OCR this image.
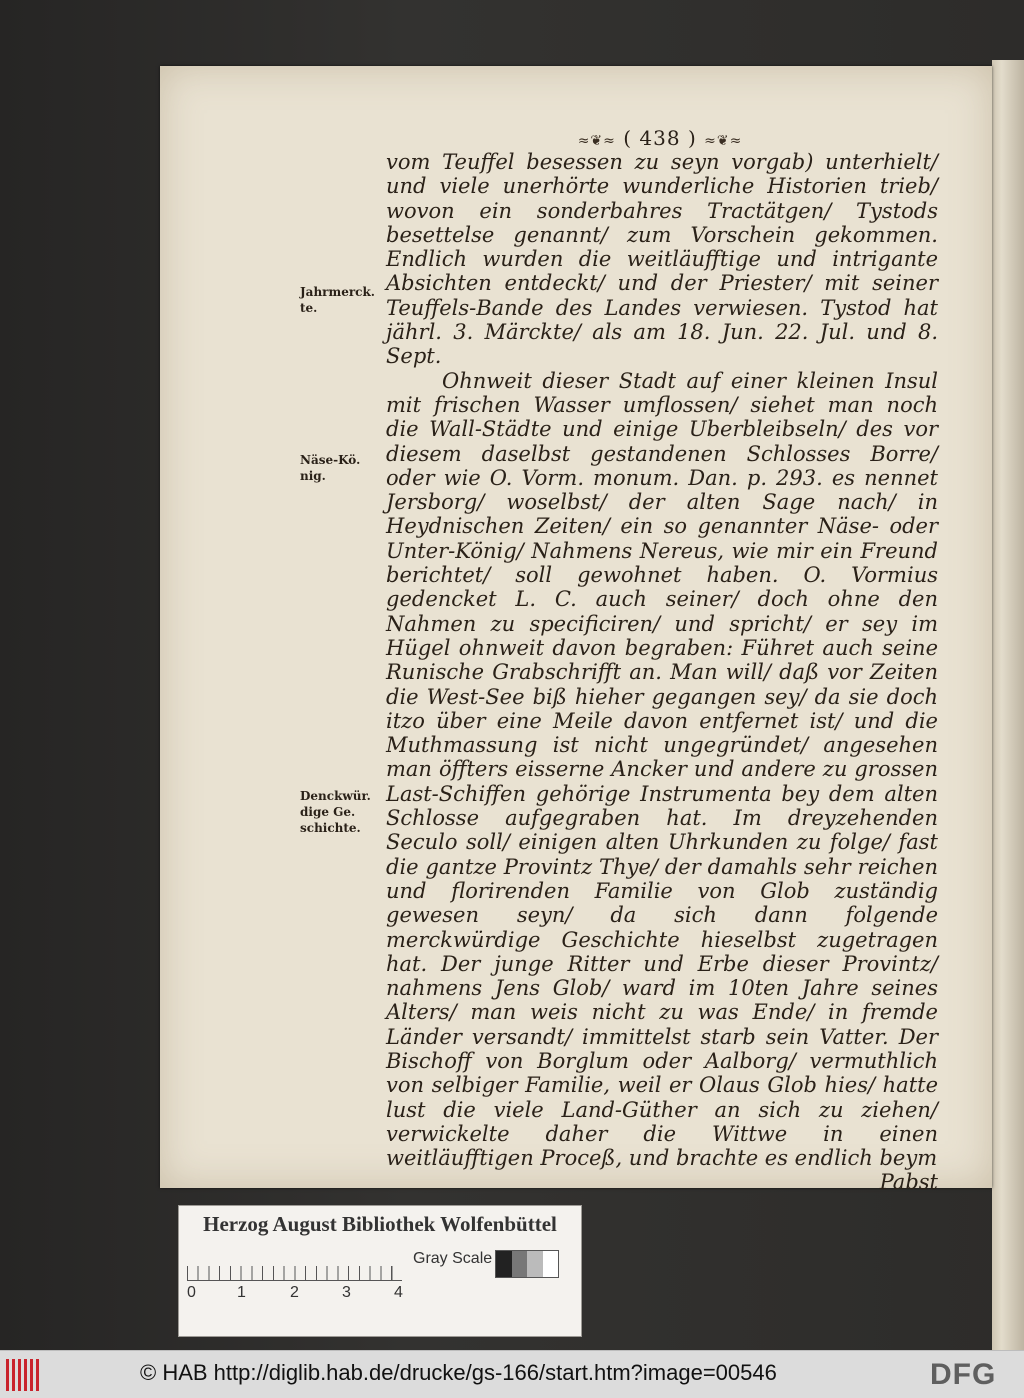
≈❦≈ ( 438 ) ≈❦≈
Jahrmerck. te.
Näse-Kö. nig.
Denckwür. dige Ge. schichte.

vom Teuffel besessen zu seyn vorgab) unterhielt/ und viele unerhörte wunderliche Historien trieb/ wovon ein sonderbahres Tractätgen/ Tystods besettelse genannt/ zum Vorschein gekommen. Endlich wurden die weitläufftige und intrigante Absichten entdeckt/ und der Priester/ mit seiner Teuffels-Bande des Landes verwiesen. Tystod hat jährl. 3. Märckte/ als am 18. Jun. 22. Jul. und 8. Sept.

Ohnweit dieser Stadt auf einer kleinen Insul mit frischen Wasser umflossen/ siehet man noch die Wall-Städte und einige Uberbleibseln/ des vor diesem daselbst gestandenen Schlosses Borre/ oder wie O. Vorm. monum. Dan. p. 293. es nennet Jersborg/ woselbst/ der alten Sage nach/ in Heydnischen Zeiten/ ein so genannter Näse- oder Unter-König/ Nahmens Nereus, wie mir ein Freund berichtet/ soll gewohnet haben. O. Vormius gedencket L. C. auch seiner/ doch ohne den Nahmen zu specificiren/ und spricht/ er sey im Hügel ohnweit davon begraben: Führet auch seine Runische Grabschrifft an. Man will/ daß vor Zeiten die West-See biß hieher gegangen sey/ da sie doch itzo über eine Meile davon entfernet ist/ und die Muthmassung ist nicht ungegründet/ angesehen man öffters eisserne Ancker und andere zu grossen Last-Schiffen gehörige Instrumenta bey dem alten Schlosse aufgegraben hat. Im dreyzehenden Seculo soll/ einigen alten Uhrkunden zu folge/ fast die gantze Provintz Thye/ der damahls sehr reichen und florirenden Familie von Glob zuständig gewesen seyn/ da sich dann folgende merckwürdige Geschichte hieselbst zugetragen hat. Der junge Ritter und Erbe dieser Provintz/ nahmens Jens Glob/ ward im 10ten Jahre seines Alters/ man weis nicht zu was Ende/ in fremde Länder versandt/ immittelst starb sein Vatter. Der Bischoff von Borglum oder Aalborg/ vermuthlich von selbiger Familie, weil er Olaus Glob hies/ hatte lust die viele Land-Güther an sich zu ziehen/ verwickelte daher die Wittwe in einen weitläufftigen Proceß, und brachte es endlich beym

Pabst

Herzog August Bibliothek Wolfenbüttel
0	1	2	3	4
Gray Scale
© HAB http://diglib.hab.de/drucke/gs-166/start.htm?image=00546	DFG
